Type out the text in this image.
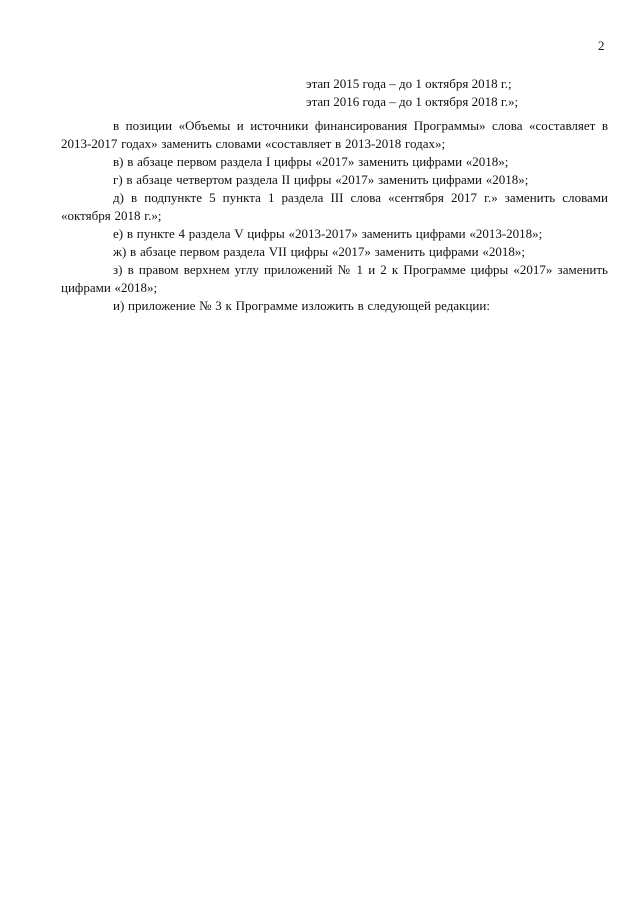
2
этап 2015 года – до 1 октября 2018 г.;
этап 2016 года – до 1 октября 2018 г.»;

в позиции «Объемы и источники финансирования Программы» слова «составляет в 2013-2017 годах» заменить словами «составляет в 2013-2018 годах»;

в) в абзаце первом раздела I цифры «2017» заменить цифрами «2018»;

г) в абзаце четвертом раздела II цифры «2017» заменить цифрами «2018»;

д) в подпункте 5 пункта 1 раздела III слова «сентября 2017 г.» заменить словами «октября 2018 г.»;

е) в пункте 4 раздела V цифры «2013-2017» заменить цифрами «2013-2018»;

ж) в абзаце первом раздела VII цифры «2017» заменить цифрами «2018»;

з) в правом верхнем углу приложений № 1 и 2 к Программе цифры «2017» заменить цифрами «2018»;

и) приложение № 3 к Программе изложить в следующей редакции:
